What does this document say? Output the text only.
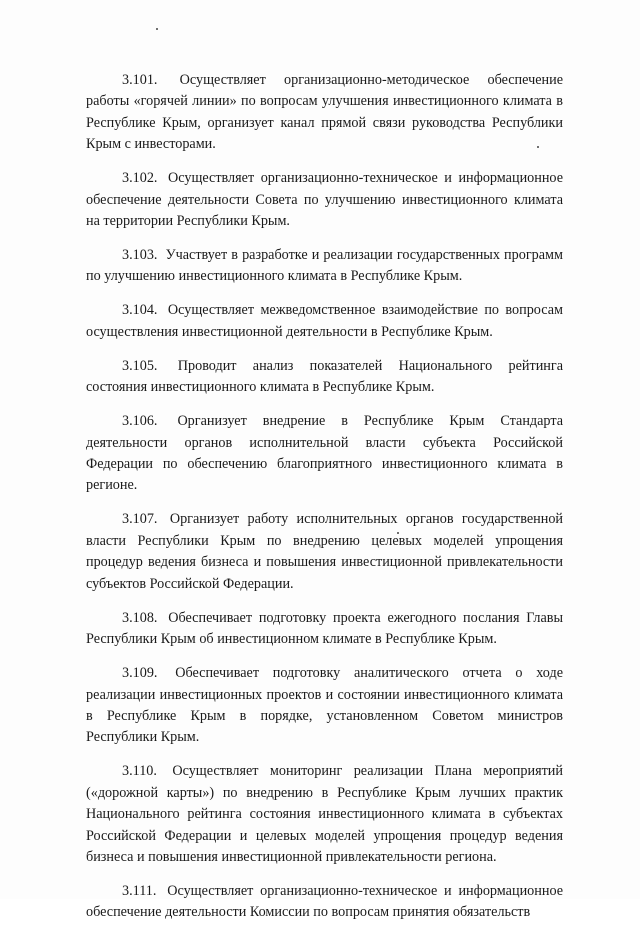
3.101. Осуществляет организационно-методическое обеспечение работы «горячей линии» по вопросам улучшения инвестиционного климата в Республике Крым, организует канал прямой связи руководства Республики Крым с инвесторами.

3.102. Осуществляет организационно-техническое и информационное обеспечение деятельности Совета по улучшению инвестиционного климата на территории Республики Крым.

3.103. Участвует в разработке и реализации государственных программ по улучшению инвестиционного климата в Республике Крым.

3.104. Осуществляет межведомственное взаимодействие по вопросам осуществления инвестиционной деятельности в Республике Крым.

3.105. Проводит анализ показателей Национального рейтинга состояния инвестиционного климата в Республике Крым.

3.106. Организует внедрение в Республике Крым Стандарта деятельности органов исполнительной власти субъекта Российской Федерации по обеспечению благоприятного инвестиционного климата в регионе.

3.107. Организует работу исполнительных органов государственной власти Республики Крым по внедрению целевых моделей упрощения процедур ведения бизнеса и повышения инвестиционной привлекательности субъектов Российской Федерации.

3.108. Обеспечивает подготовку проекта ежегодного послания Главы Республики Крым об инвестиционном климате в Республике Крым.

3.109. Обеспечивает подготовку аналитического отчета о ходе реализации инвестиционных проектов и состоянии инвестиционного климата в Республике Крым в порядке, установленном Советом министров Республики Крым.

3.110. Осуществляет мониторинг реализации Плана мероприятий («дорожной карты») по внедрению в Республике Крым лучших практик Национального рейтинга состояния инвестиционного климата в субъектах Российской Федерации и целевых моделей упрощения процедур ведения бизнеса и повышения инвестиционной привлекательности региона.

3.111. Осуществляет организационно-техническое и информационное обеспечение деятельности Комиссии по вопросам принятия обязательств
